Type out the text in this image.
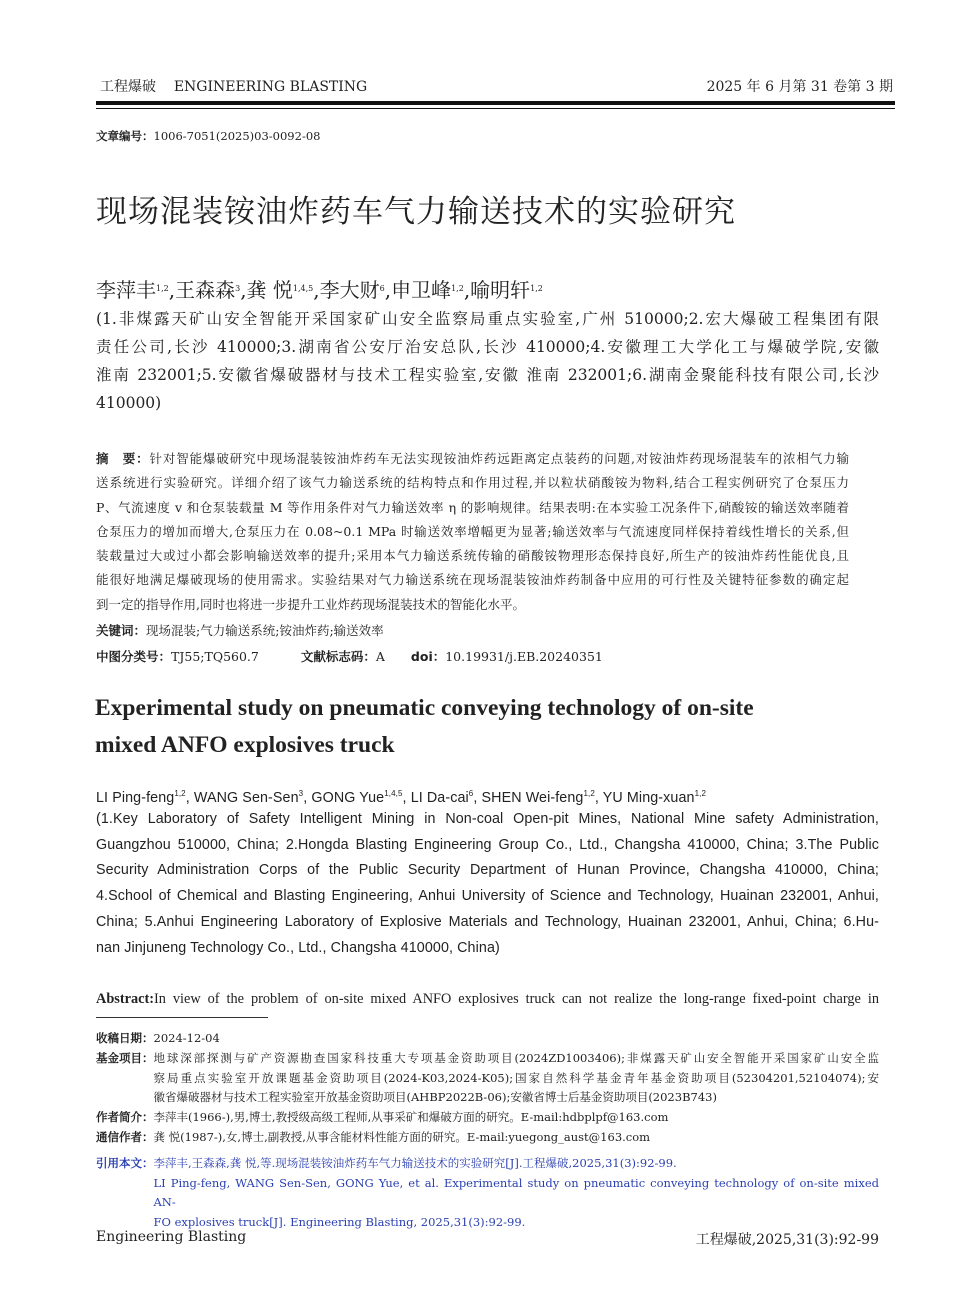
工程爆破 ENGINEERING BLASTING	2025 年 6 月第 31 卷第 3 期
文章编号：1006-7051(2025)03-0092-08
现场混装铵油炸药车气力输送技术的实验研究
李萍丰$^{1,2}$,王森森$^3$,龚 悦$^{1,4,5}$,李大财$^6$,申卫峰$^{1,2}$,喻明轩$^{1,2}$
(1.非煤露天矿山安全智能开采国家矿山安全监察局重点实验室,广州 510000;2.宏大爆破工程集团有限
责任公司,长沙 410000;3.湖南省公安厅治安总队,长沙 410000;4.安徽理工大学化工与爆破学院,安徽
淮南 232001;5.安徽省爆破器材与技术工程实验室,安徽 淮南 232001;6.湖南金聚能科技有限公司,长沙
410000)
摘　要：针对智能爆破研究中现场混装铵油炸药车无法实现铵油炸药远距离定点装药的问题,对铵油炸药现场混装车的浓相气力输
送系统进行实验研究。详细介绍了该气力输送系统的结构特点和作用过程,并以粒状硝酸铵为物料,结合工程实例研究了仓泵压力
P、气流速度 v 和仓泵装载量 M 等作用条件对气力输送效率 η 的影响规律。结果表明:在本实验工况条件下,硝酸铵的输送效率随着
仓泵压力的增加而增大,仓泵压力在 0.08~0.1 MPa 时输送效率增幅更为显著;输送效率与气流速度同样保持着线性增长的关系,但
装载量过大或过小都会影响输送效率的提升;采用本气力输送系统传输的硝酸铵物理形态保持良好,所生产的铵油炸药性能优良,且
能很好地满足爆破现场的使用需求。实验结果对气力输送系统在现场混装铵油炸药制备中应用的可行性及关键特征参数的确定起
到一定的指导作用,同时也将进一步提升工业炸药现场混装技术的智能化水平。
关键词：现场混装;气力输送系统;铵油炸药;输送效率
中图分类号：TJ55;TQ560.7	文献标志码：A doi：10.19931/j.EB.20240351
Experimental study on pneumatic conveying technology of on-site
mixed ANFO explosives truck
LI Ping-feng$^{1,2}$, WANG Sen-Sen$^3$, GONG Yue$^{1,4,5}$, LI Da-cai$^6$, SHEN Wei-feng$^{1,2}$, YU Ming-xuan$^{1,2}$
(1.Key Laboratory of Safety Intelligent Mining in Non-coal Open-pit Mines, National Mine safety Administration,
Guangzhou 510000, China; 2.Hongda Blasting Engineering Group Co., Ltd., Changsha 410000, China; 3.The Public
Security Administration Corps of the Public Security Department of Hunan Province, Changsha 410000, China;
4.School of Chemical and Blasting Engineering, Anhui University of Science and Technology, Huainan 232001, Anhui,
China; 5.Anhui Engineering Laboratory of Explosive Materials and Technology, Huainan 232001, Anhui, China; 6.Hu-
nan Jinjuneng Technology Co., Ltd., Changsha 410000, China)
Abstract:In view of the problem of on-site mixed ANFO explosives truck can not realize the long-range fixed-point charge in
收稿日期：2024-12-04
基金项目： 地球深部探测与矿产资源勘查国家科技重大专项基金资助项目(2024ZD1003406);非煤露天矿山安全智能开采国家矿山安全监
察局重点实验室开放课题基金资助项目(2024-K03,2024-K05);国家自然科学基金青年基金资助项目(52304201,52104074);安
徽省爆破器材与技术工程实验室开放基金资助项目(AHBP2022B-06);安徽省博士后基金资助项目(2023B743)
作者简介：李萍丰(1966-),男,博士,教授级高级工程师,从事采矿和爆破方面的研究。E-mail:hdbplpf@163.com
通信作者：龚 悦(1987-),女,博士,副教授,从事含能材料性能方面的研究。E-mail:yuegong_aust@163.com
引用本文： 李萍丰,王森森,龚 悦,等.现场混装铵油炸药车气力输送技术的实验研究[J].工程爆破,2025,31(3):92-99.
LI Ping-feng, WANG Sen-Sen, GONG Yue, et al. Experimental study on pneumatic conveying technology of on-site mixed AN-
FO explosives truck[J]. Engineering Blasting, 2025,31(3):92-99.
Engineering Blasting	工程爆破,2025,31(3):92-99
